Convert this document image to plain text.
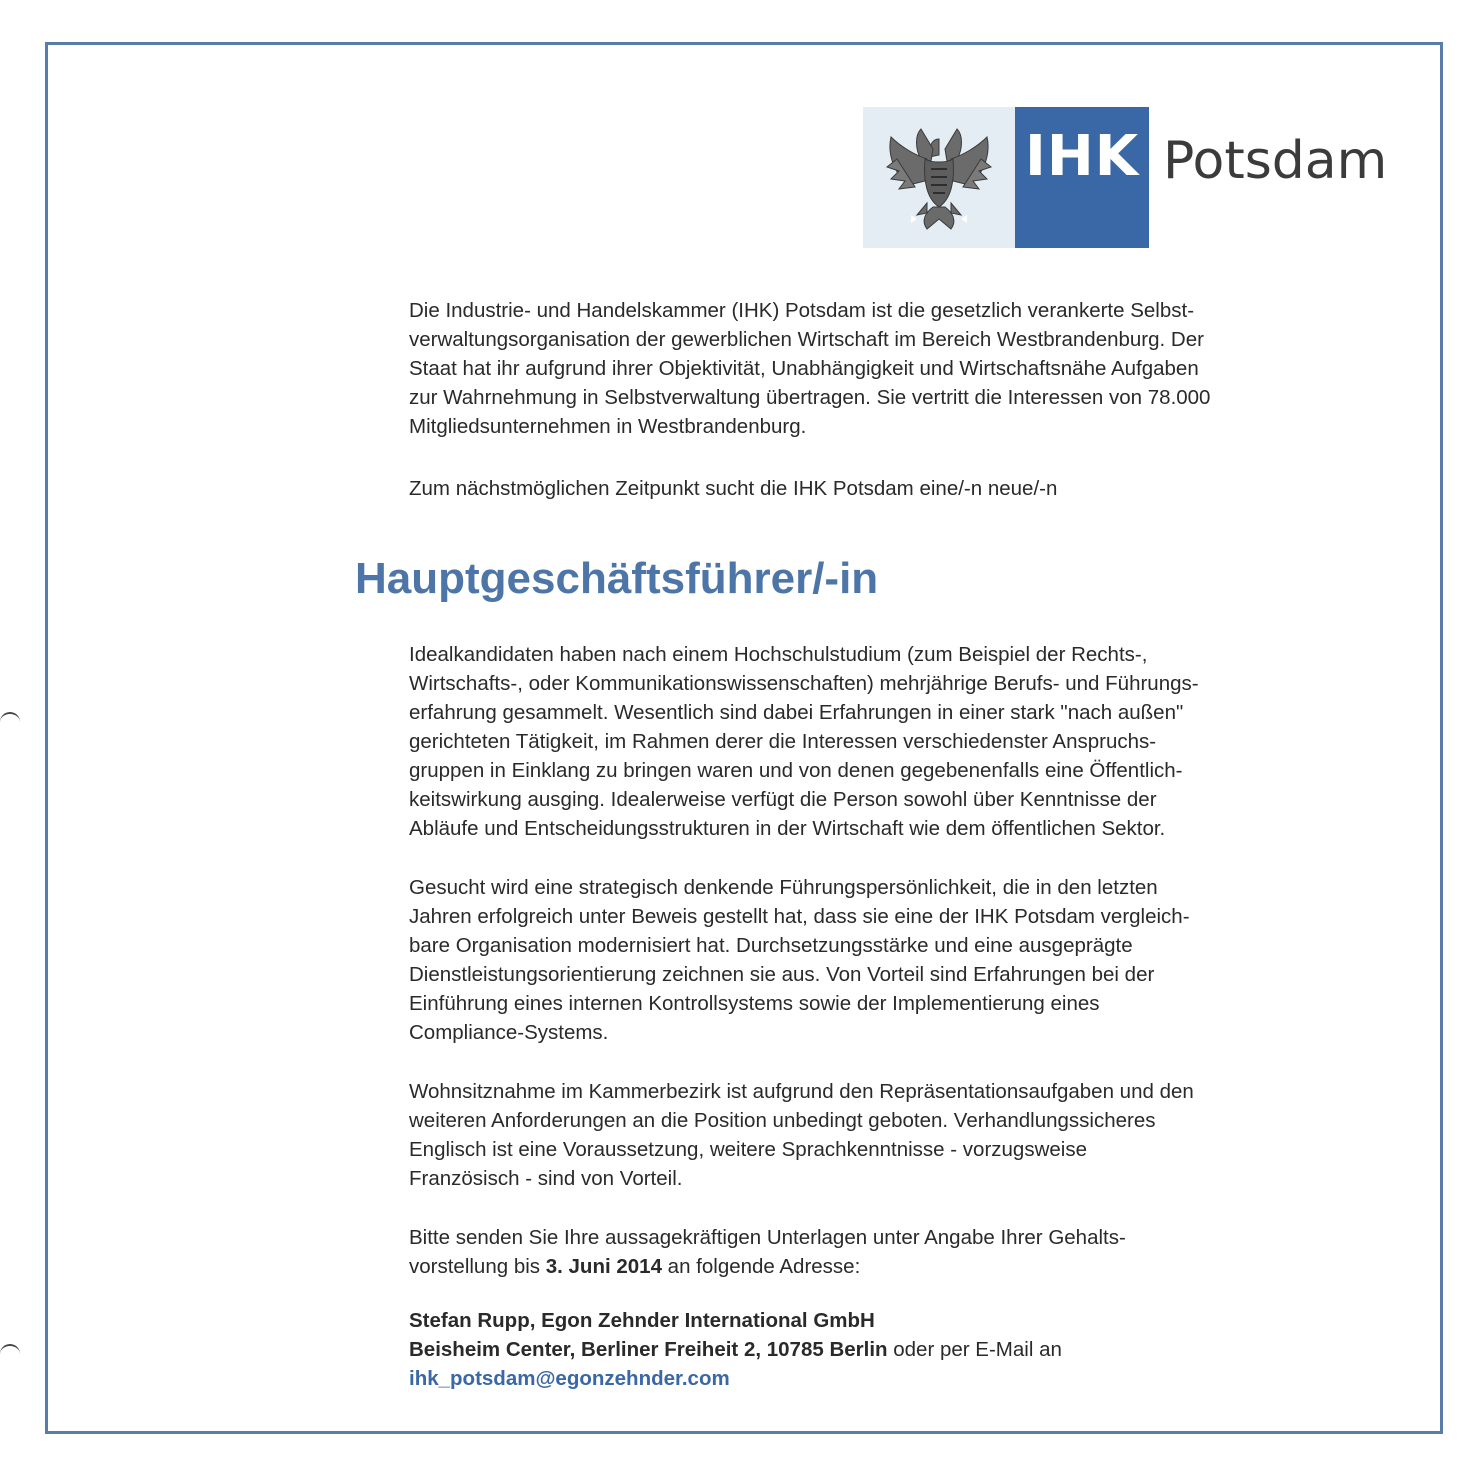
IHK Potsdam

Die Industrie- und Handelskammer (IHK) Potsdam ist die gesetzlich verankerte Selbst-
verwaltungsorganisation der gewerblichen Wirtschaft im Bereich Westbrandenburg. Der
Staat hat ihr aufgrund ihrer Objektivität, Unabhängigkeit und Wirtschaftsnähe Aufgaben
zur Wahrnehmung in Selbstverwaltung übertragen. Sie vertritt die Interessen von 78.000
Mitgliedsunternehmen in Westbrandenburg.

Zum nächstmöglichen Zeitpunkt sucht die IHK Potsdam eine/-n neue/-n

Hauptgeschäftsführer/-in

Idealkandidaten haben nach einem Hochschulstudium (zum Beispiel der Rechts-,
Wirtschafts-, oder Kommunikationswissenschaften) mehrjährige Berufs- und Führungs-
erfahrung gesammelt. Wesentlich sind dabei Erfahrungen in einer stark "nach außen"
gerichteten Tätigkeit, im Rahmen derer die Interessen verschiedenster Anspruchs-
gruppen in Einklang zu bringen waren und von denen gegebenenfalls eine Öffentlich-
keitswirkung ausging. Idealerweise verfügt die Person sowohl über Kenntnisse der
Abläufe und Entscheidungsstrukturen in der Wirtschaft wie dem öffentlichen Sektor.

Gesucht wird eine strategisch denkende Führungspersönlichkeit, die in den letzten
Jahren erfolgreich unter Beweis gestellt hat, dass sie eine der IHK Potsdam vergleich-
bare Organisation modernisiert hat. Durchsetzungsstärke und eine ausgeprägte
Dienstleistungsorientierung zeichnen sie aus. Von Vorteil sind Erfahrungen bei der
Einführung eines internen Kontrollsystems sowie der Implementierung eines
Compliance-Systems.

Wohnsitznahme im Kammerbezirk ist aufgrund den Repräsentationsaufgaben und den
weiteren Anforderungen an die Position unbedingt geboten. Verhandlungssicheres
Englisch ist eine Voraussetzung, weitere Sprachkenntnisse - vorzugsweise
Französisch - sind von Vorteil.

Bitte senden Sie Ihre aussagekräftigen Unterlagen unter Angabe Ihrer Gehalts-
vorstellung bis 3. Juni 2014 an folgende Adresse:
Stefan Rupp, Egon Zehnder International GmbH
Beisheim Center, Berliner Freiheit 2, 10785 Berlin oder per E-Mail an
ihk_potsdam@egonzehnder.com
